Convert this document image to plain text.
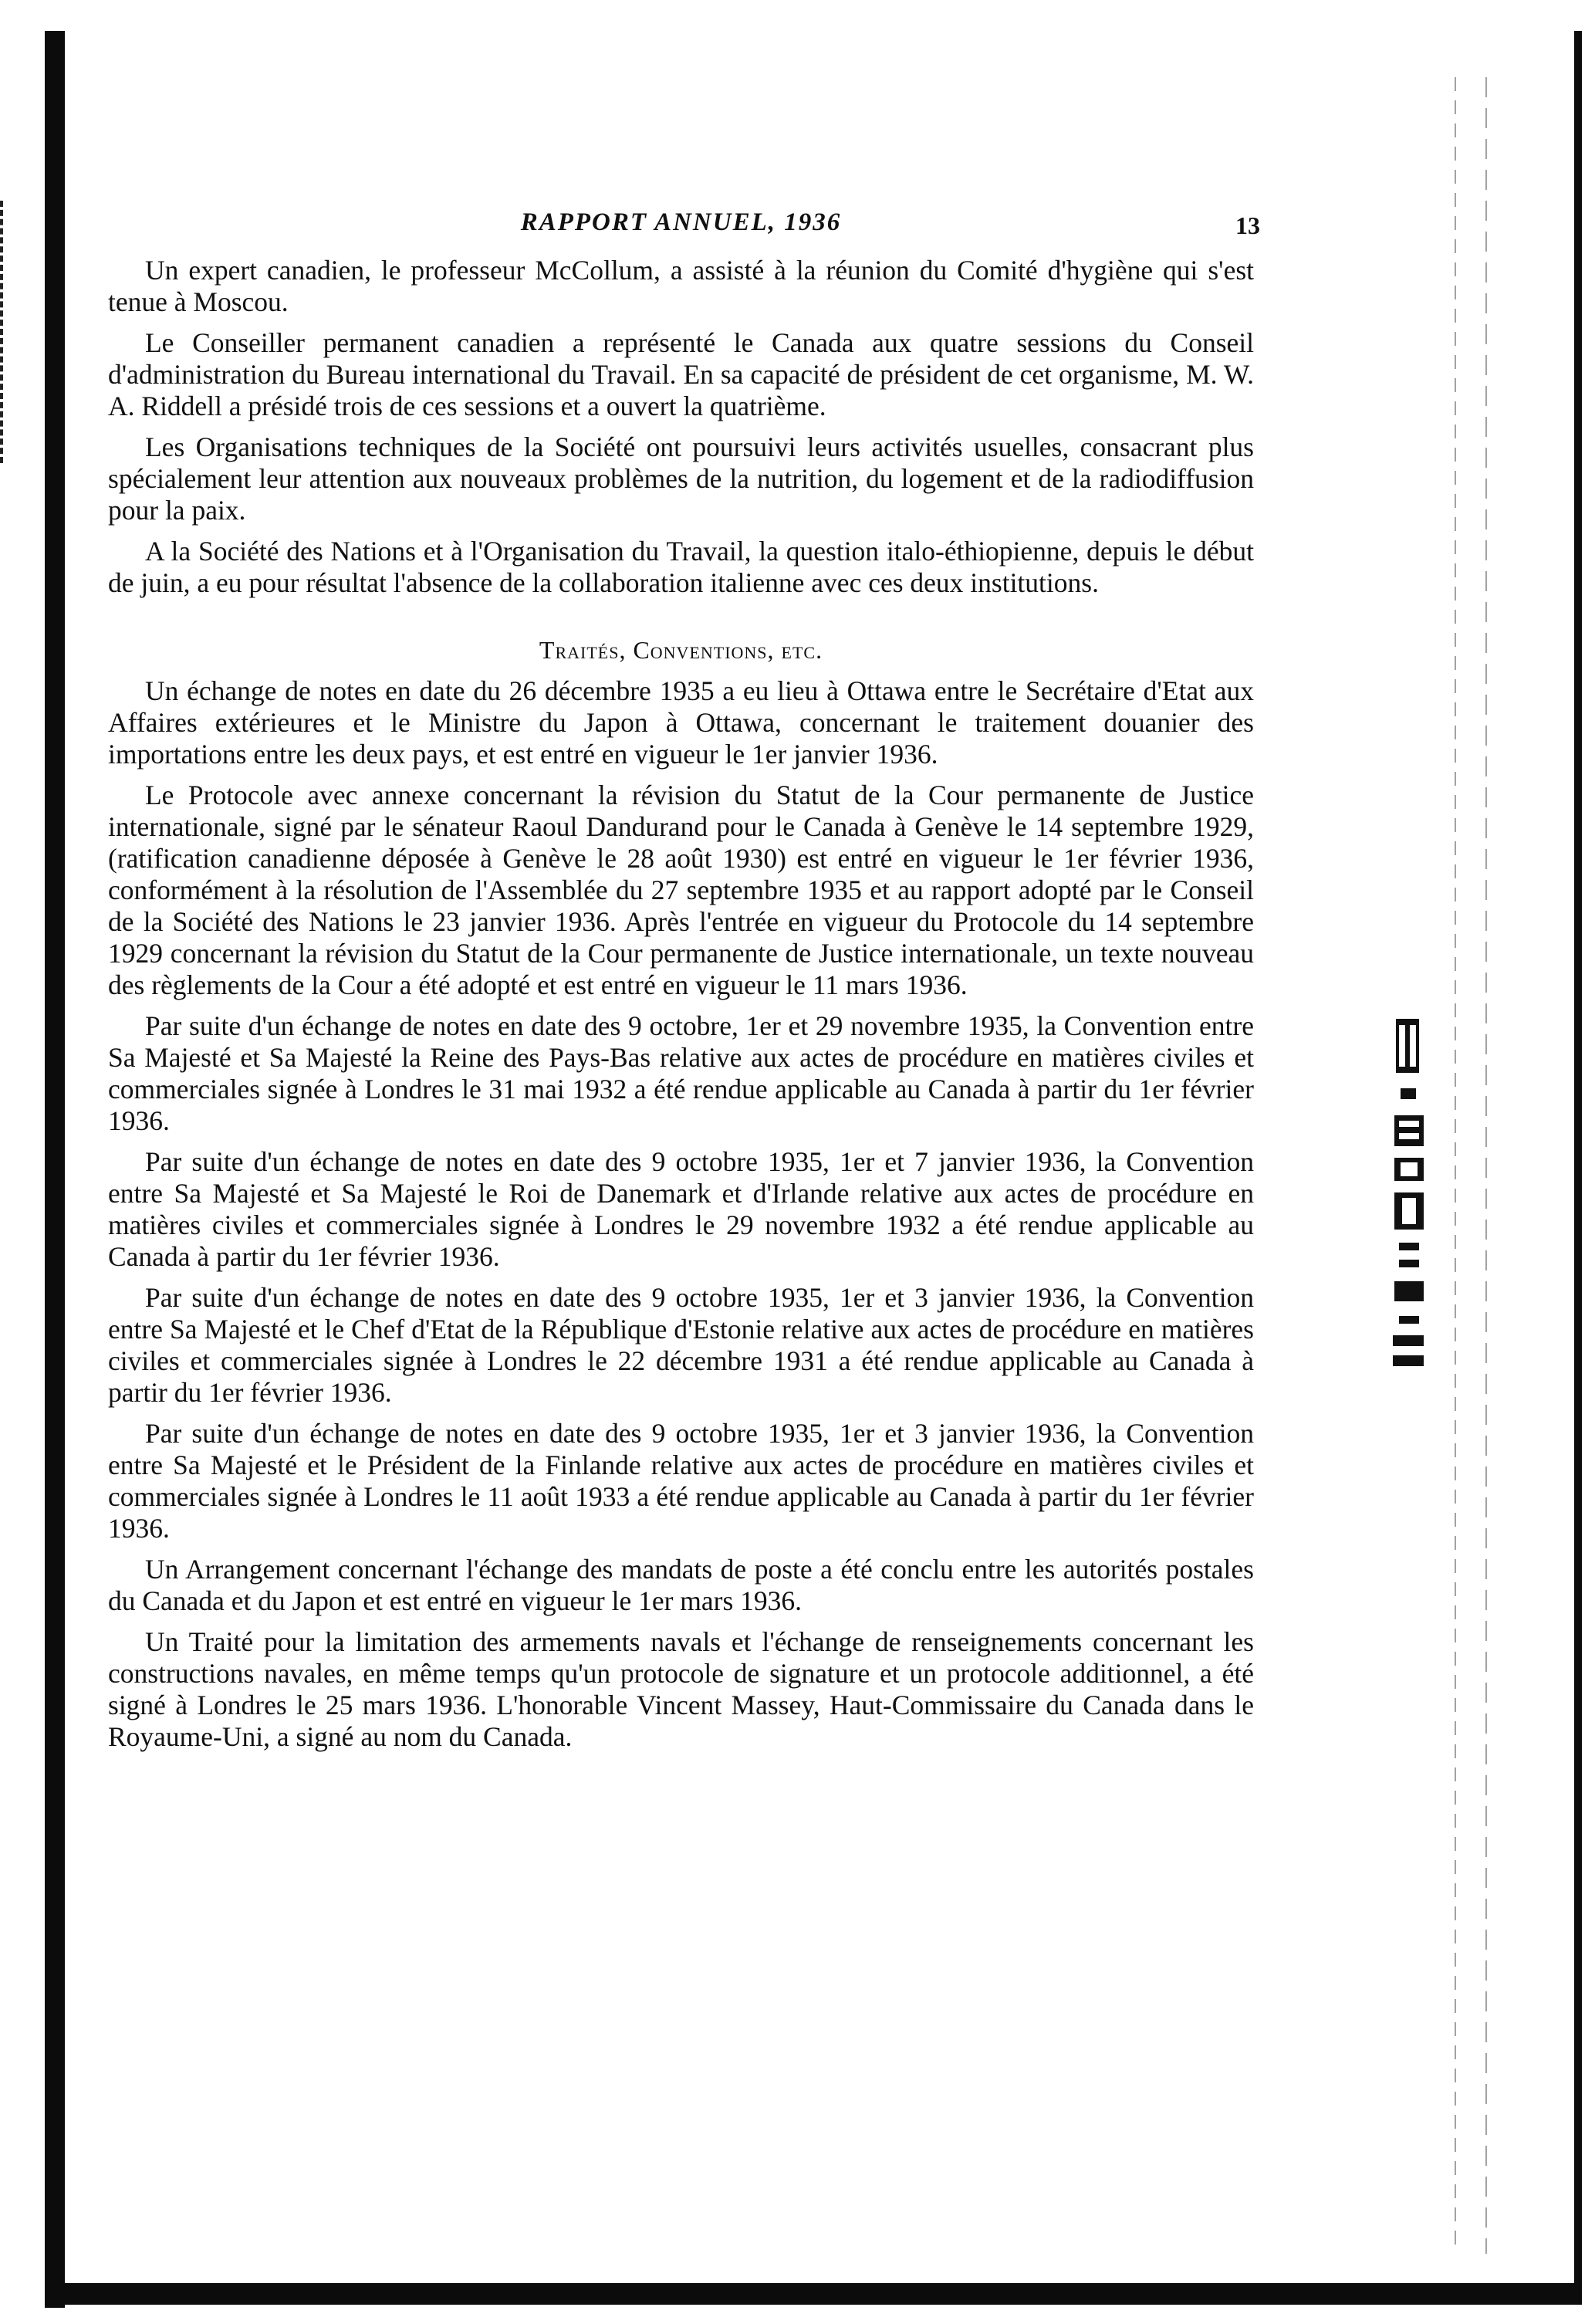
RAPPORT ANNUEL, 1936	13

Un expert canadien, le professeur McCollum, a assisté à la réunion du Comité d'hygiène qui s'est tenue à Moscou.

Le Conseiller permanent canadien a représenté le Canada aux quatre sessions du Conseil d'administration du Bureau international du Travail. En sa capacité de président de cet organisme, M. W. A. Riddell a présidé trois de ces sessions et a ouvert la quatrième.

Les Organisations techniques de la Société ont poursuivi leurs activités usuelles, consacrant plus spécialement leur attention aux nouveaux problèmes de la nutrition, du logement et de la radiodiffusion pour la paix.

A la Société des Nations et à l'Organisation du Travail, la question italo-éthiopienne, depuis le début de juin, a eu pour résultat l'absence de la collaboration italienne avec ces deux institutions.

Traités, Conventions, etc.

Un échange de notes en date du 26 décembre 1935 a eu lieu à Ottawa entre le Secrétaire d'Etat aux Affaires extérieures et le Ministre du Japon à Ottawa, concernant le traitement douanier des importations entre les deux pays, et est entré en vigueur le 1er janvier 1936.

Le Protocole avec annexe concernant la révision du Statut de la Cour permanente de Justice internationale, signé par le sénateur Raoul Dandurand pour le Canada à Genève le 14 septembre 1929, (ratification canadienne déposée à Genève le 28 août 1930) est entré en vigueur le 1er février 1936, conformément à la résolution de l'Assemblée du 27 septembre 1935 et au rapport adopté par le Conseil de la Société des Nations le 23 janvier 1936. Après l'entrée en vigueur du Protocole du 14 septembre 1929 concernant la révision du Statut de la Cour permanente de Justice internationale, un texte nouveau des règlements de la Cour a été adopté et est entré en vigueur le 11 mars 1936.

Par suite d'un échange de notes en date des 9 octobre, 1er et 29 novembre 1935, la Convention entre Sa Majesté et Sa Majesté la Reine des Pays-Bas relative aux actes de procédure en matières civiles et commerciales signée à Londres le 31 mai 1932 a été rendue applicable au Canada à partir du 1er février 1936.

Par suite d'un échange de notes en date des 9 octobre 1935, 1er et 7 janvier 1936, la Convention entre Sa Majesté et Sa Majesté le Roi de Danemark et d'Irlande relative aux actes de procédure en matières civiles et commerciales signée à Londres le 29 novembre 1932 a été rendue applicable au Canada à partir du 1er février 1936.

Par suite d'un échange de notes en date des 9 octobre 1935, 1er et 3 janvier 1936, la Convention entre Sa Majesté et le Chef d'Etat de la République d'Estonie relative aux actes de procédure en matières civiles et commerciales signée à Londres le 22 décembre 1931 a été rendue applicable au Canada à partir du 1er février 1936.

Par suite d'un échange de notes en date des 9 octobre 1935, 1er et 3 janvier 1936, la Convention entre Sa Majesté et le Président de la Finlande relative aux actes de procédure en matières civiles et commerciales signée à Londres le 11 août 1933 a été rendue applicable au Canada à partir du 1er février 1936.

Un Arrangement concernant l'échange des mandats de poste a été conclu entre les autorités postales du Canada et du Japon et est entré en vigueur le 1er mars 1936.

Un Traité pour la limitation des armements navals et l'échange de renseignements concernant les constructions navales, en même temps qu'un protocole de signature et un protocole additionnel, a été signé à Londres le 25 mars 1936. L'honorable Vincent Massey, Haut-Commissaire du Canada dans le Royaume-Uni, a signé au nom du Canada.
